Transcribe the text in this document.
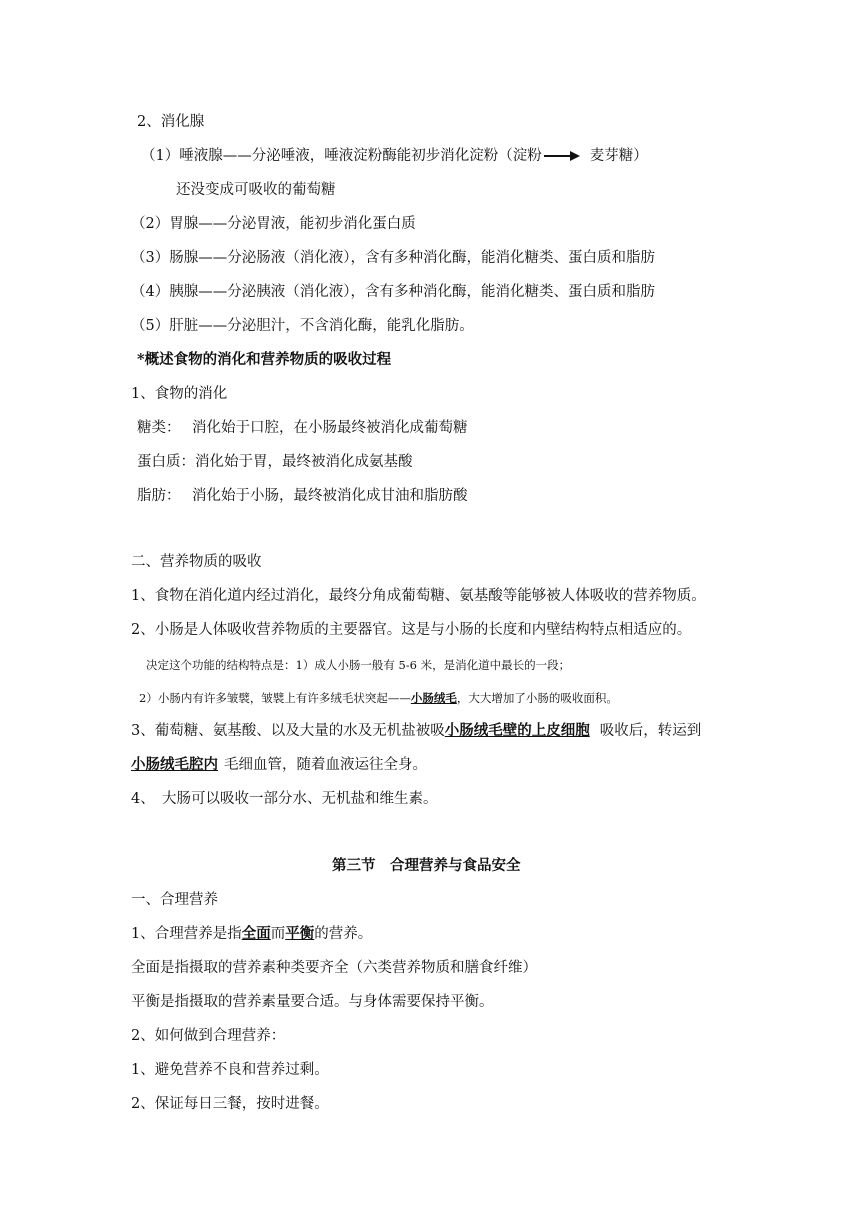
2、消化腺
（1）唾液腺——分泌唾液，唾液淀粉酶能初步消化淀粉（淀粉	麦芽糖）
还没变成可吸收的葡萄糖
（2）胃腺——分泌胃液，能初步消化蛋白质
（3）肠腺——分泌肠液（消化液），含有多种消化酶，能消化糖类、蛋白质和脂肪
（4）胰腺——分泌胰液（消化液），含有多种消化酶，能消化糖类、蛋白质和脂肪
（5）肝脏——分泌胆汁，不含消化酶，能乳化脂肪。
*概述食物的消化和营养物质的吸收过程
1、食物的消化
糖类： 消化始于口腔，在小肠最终被消化成葡萄糖
蛋白质：消化始于胃，最终被消化成氨基酸
脂肪： 消化始于小肠，最终被消化成甘油和脂肪酸
二、营养物质的吸收
1、食物在消化道内经过消化，最终分角成葡萄糖、氨基酸等能够被人体吸收的营养物质。
2、小肠是人体吸收营养物质的主要器官。这是与小肠的长度和内壁结构特点相适应的。
决定这个功能的结构特点是：1）成人小肠一般有 5-6 米，是消化道中最长的一段；
2）小肠内有许多皱襞，皱襞上有许多绒毛状突起——小肠绒毛，大大增加了小肠的吸收面积。
3、葡萄糖、氨基酸、以及大量的水及无机盐被吸小肠绒毛壁的上皮细胞 吸收后，转运到
小肠绒毛腔内 毛细血管，随着血液运往全身。
4、　大肠可以吸收一部分水、无机盐和维生素。
第三节　合理营养与食品安全
一、合理营养
1、合理营养是指全面而平衡的营养。
全面是指摄取的营养素种类要齐全（六类营养物质和膳食纤维）
平衡是指摄取的营养素量要合适。与身体需要保持平衡。
2、如何做到合理营养：
1、避免营养不良和营养过剩。
2、保证每日三餐，按时进餐。
